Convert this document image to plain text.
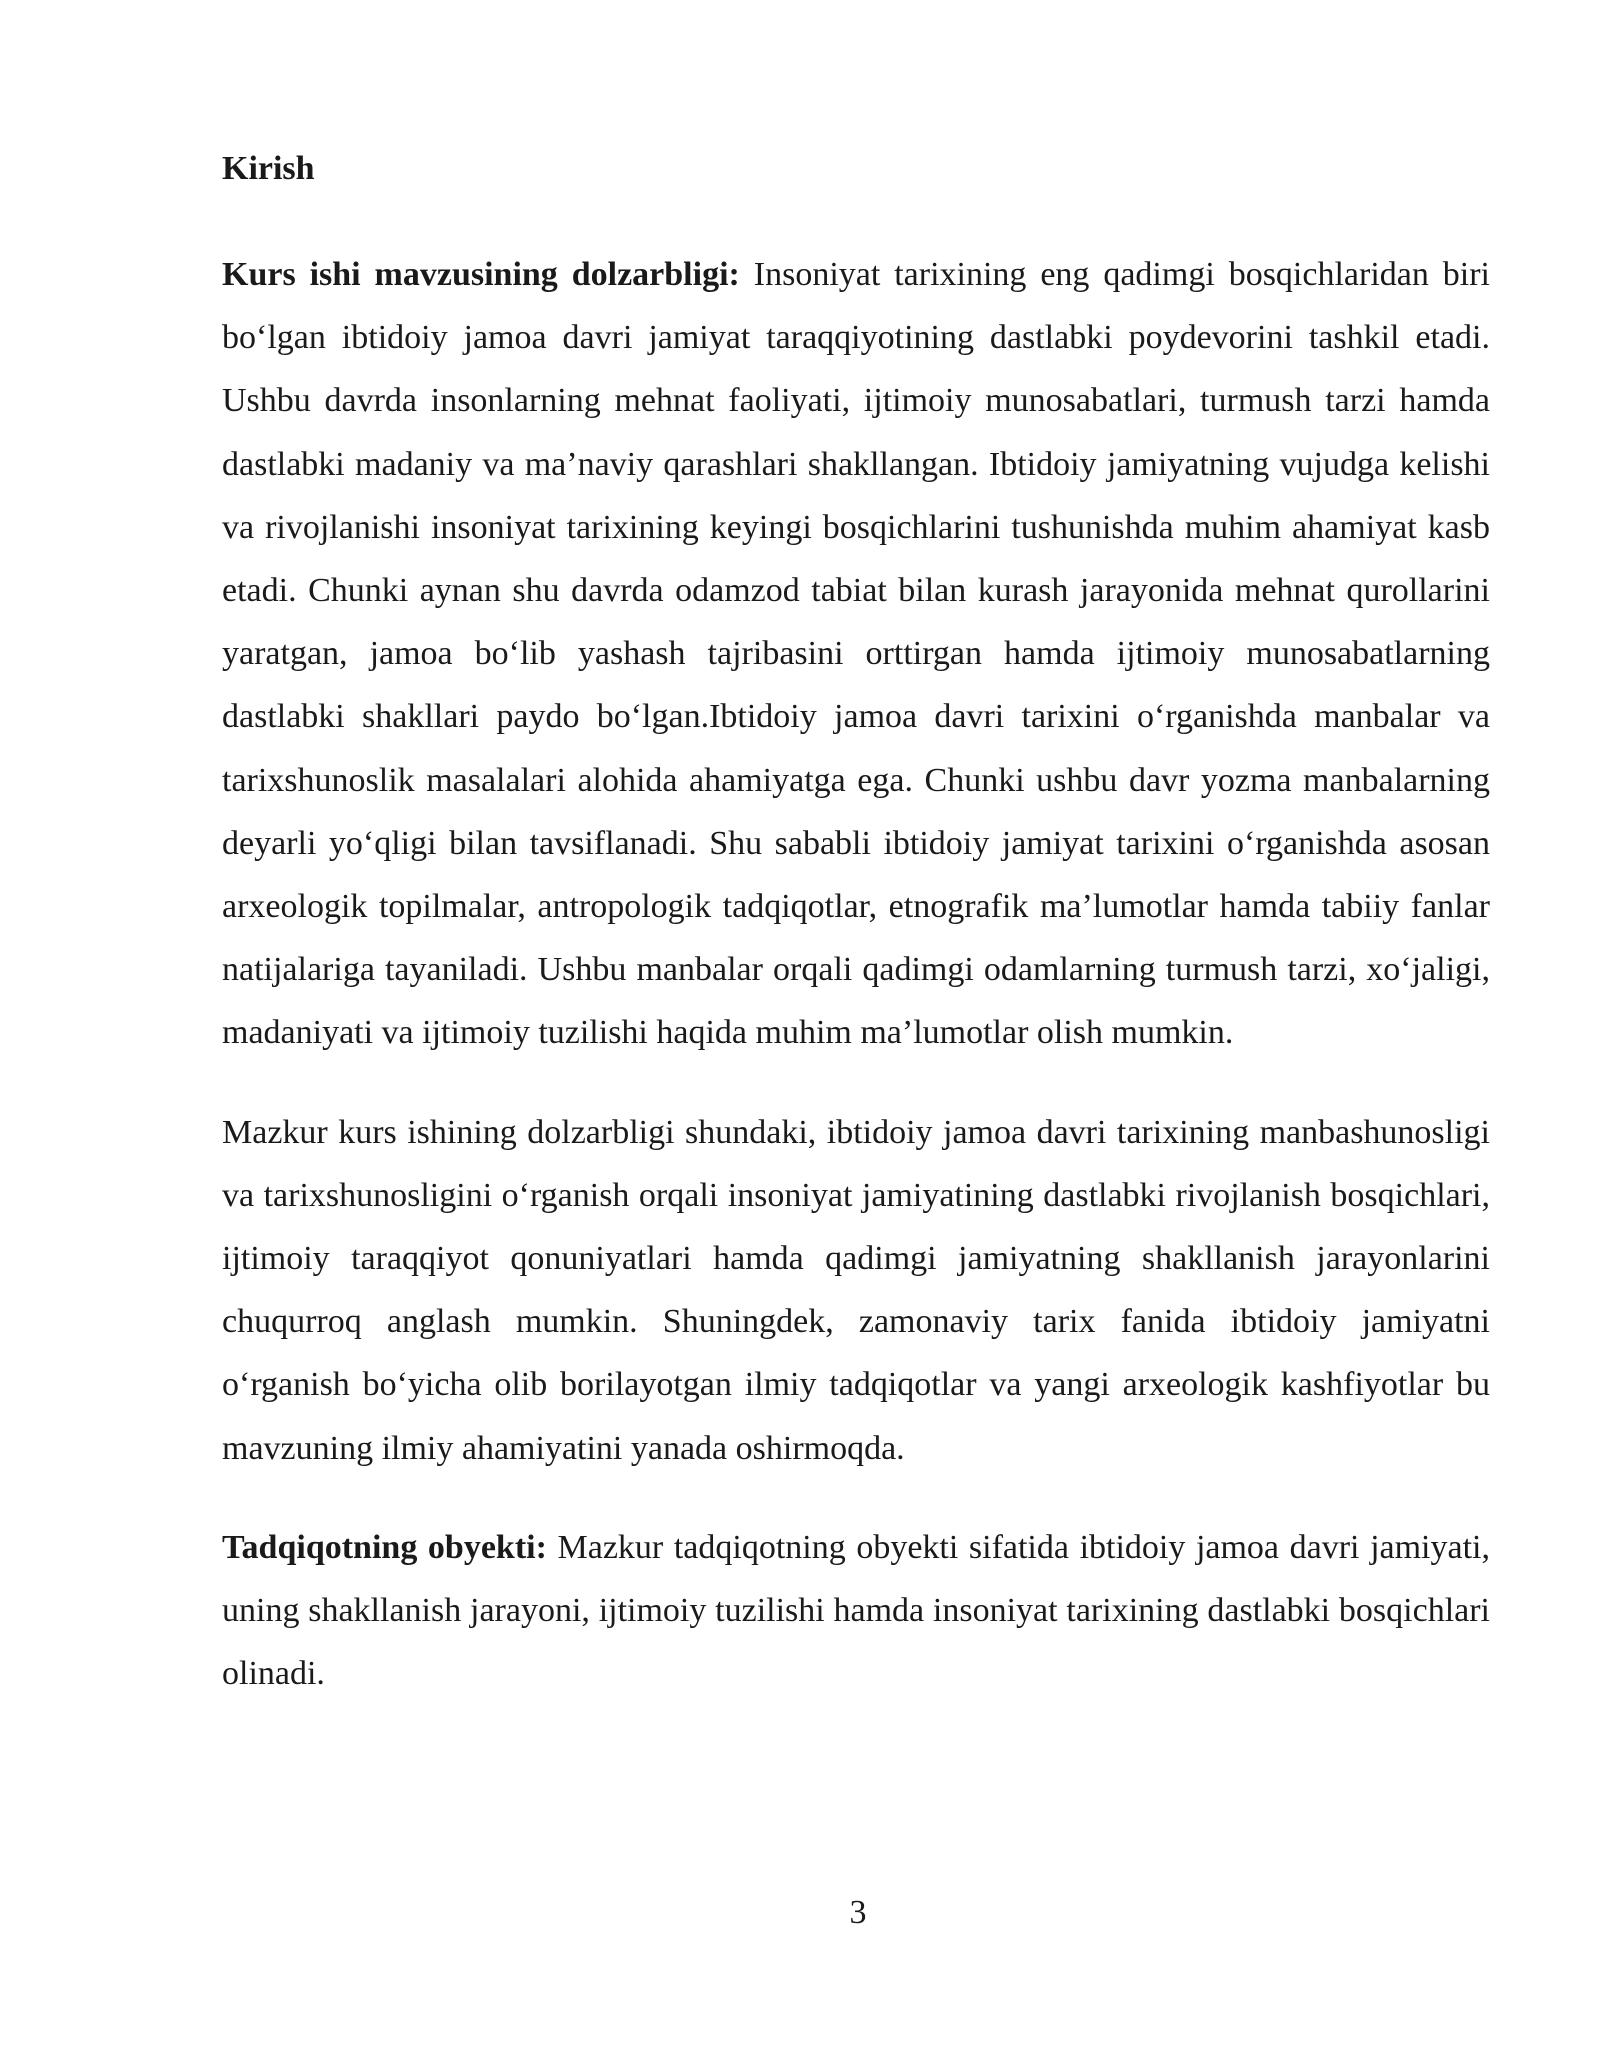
Kirish

Kurs ishi mavzusining dolzarbligi: Insoniyat tarixining eng qadimgi bosqichlaridan biri bo‘lgan ibtidoiy jamoa davri jamiyat taraqqiyotining dastlabki poydevorini tashkil etadi. Ushbu davrda insonlarning mehnat faoliyati, ijtimoiy munosabatlari, turmush tarzi hamda dastlabki madaniy va ma’naviy qarashlari shakllangan. Ibtidoiy jamiyatning vujudga kelishi va rivojlanishi insoniyat tarixining keyingi bosqichlarini tushunishda muhim ahamiyat kasb etadi. Chunki aynan shu davrda odamzod tabiat bilan kurash jarayonida mehnat qurollarini yaratgan, jamoa bo‘lib yashash tajribasini orttirgan hamda ijtimoiy munosabatlarning dastlabki shakllari paydo bo‘lgan.Ibtidoiy jamoa davri tarixini o‘rganishda manbalar va tarixshunoslik masalalari alohida ahamiyatga ega. Chunki ushbu davr yozma manbalarning deyarli yo‘qligi bilan tavsiflanadi. Shu sababli ibtidoiy jamiyat tarixini o‘rganishda asosan arxeologik topilmalar, antropologik tadqiqotlar, etnografik ma’lumotlar hamda tabiiy fanlar natijalariga tayaniladi. Ushbu manbalar orqali qadimgi odamlarning turmush tarzi, xo‘jaligi, madaniyati va ijtimoiy tuzilishi haqida muhim ma’lumotlar olish mumkin.

Mazkur kurs ishining dolzarbligi shundaki, ibtidoiy jamoa davri tarixining manbashunosligi va tarixshunosligini o‘rganish orqali insoniyat jamiyatining dastlabki rivojlanish bosqichlari, ijtimoiy taraqqiyot qonuniyatlari hamda qadimgi jamiyatning shakllanish jarayonlarini chuqurroq anglash mumkin. Shuningdek, zamonaviy tarix fanida ibtidoiy jamiyatni o‘rganish bo‘yicha olib borilayotgan ilmiy tadqiqotlar va yangi arxeologik kashfiyotlar bu mavzuning ilmiy ahamiyatini yanada oshirmoqda.

Tadqiqotning obyekti: Mazkur tadqiqotning obyekti sifatida ibtidoiy jamoa davri jamiyati, uning shakllanish jarayoni, ijtimoiy tuzilishi hamda insoniyat tarixining dastlabki bosqichlari olinadi.

3
